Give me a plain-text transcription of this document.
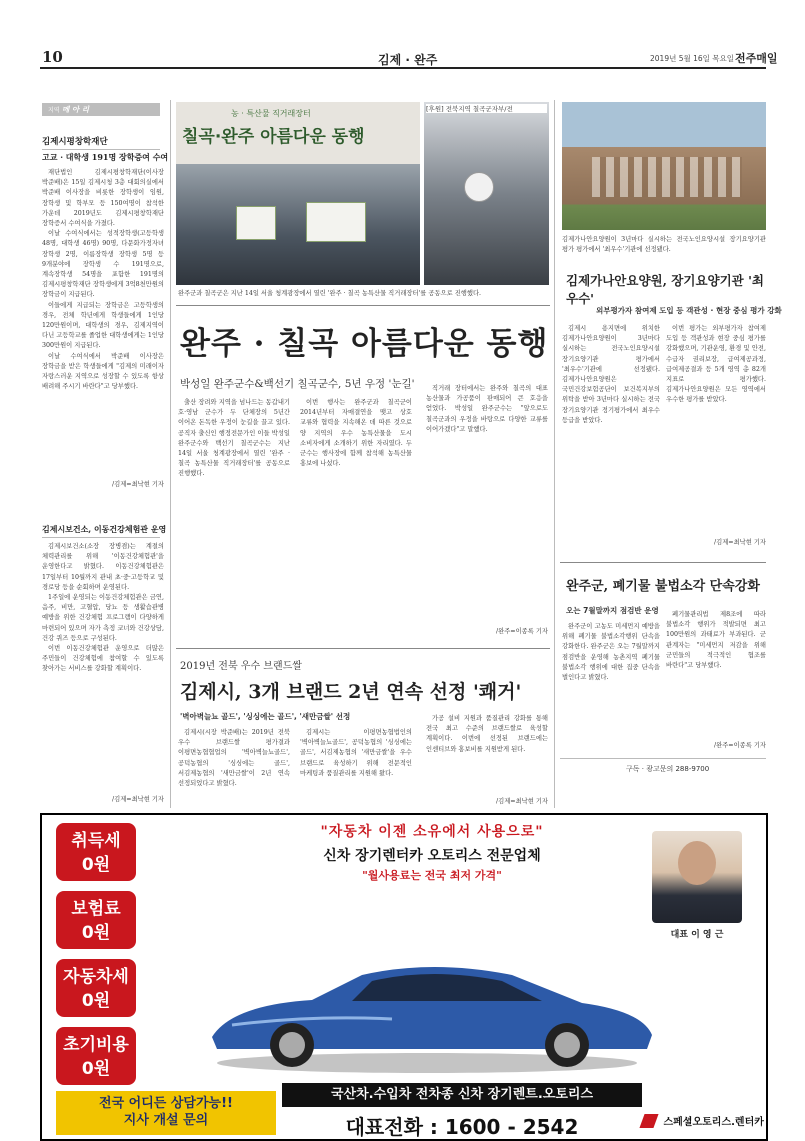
10	김제 · 완주	2019년 5월 16일 목요일 전주매일
지역 메 아 리
김제시평창학재단
고교 · 대학생 191명 장학증여 수여

재단법인 김제시평창학재단(이사장 박준배)은 15일 김제시청 3층 대회의실에서 박준배 이사장을 비롯한 장학생이 임원, 장학생 및 학부모 등 150여명이 참석한 가운데 2019년도 김제시평창학재단 장학증서 수여식을 가졌다.

이날 수여식에서는 성적장학생(고등학생 48명, 대학생 46명) 90명, 다문화가정자녀 장학생 2명, 이름장학생 장학생 5명 등 9개분야에 장학생 수 191명으로, 계속장학생 54명을 포함한 191명의 김제시평창학재단 장학생에게 3억8천만원의 장학금이 지급된다.

이들에게 지급되는 장학금은 고등학생의 경우, 전체 학년에게 학생들에게 1인당 120만원이며, 대학생의 경우, 김제지역이 다닌 고등학교를 졸업한 대학생에게는 1인당 300만원이 지급된다.

이날 수여식에서 박준배 이사장은 장학금을 받은 학생들에게 "김제의 미래이자 자랑스러운 지역으로 성장할 수 있도록 항상 배려해 주시기 바란다"고 당부했다.

/김제=최낙현 기자
김제시보건소, 이동건강체험관 운영

김제시보건소(소장 장병겸)는 계절의 체력관리를 위해 '이동건강체험관'을 운영한다고 밝혔다. 이동건강체험관은 17일부터 10월까지 관내 초·중·고등학교 및 경로당 등을 순회하며 운영된다.

1주일에 운영되는 이동건강체험관은 금연, 음주, 비만, 고혈압, 당뇨 등 생활습관병 예방을 위한 건강체험 프로그램이 다양하게 마련되어 있으며 자가 측정 코너와 건강상담, 건강 퀴즈 등으로 구성된다.

이번 이동건강체험관 운영으로 더많은 주민들이 건강체험에 참여할 수 있도록 찾아가는 서비스를 강화할 계획이다.

/김제=최낙현 기자
농 · 특산물 직거래장터
칠곡·완주 아름다운 동행
[후원] 전북지역 칠곡군자부/전
완주군과 칠곡군은 지난 14일 서울 청계광장에서 열린 '완주 · 칠곡 농특산물 직거래장터'를 공동으로 진행했다.
완주 · 칠곡 아름다운 동행
박성일 완주군수&백선기 칠곡군수, 5년 우정 '눈길'

출산 장려와 지역을 넘나드는 동갑내기 호·영남 군수가 두 단체장의 5년간 이어온 돈독한 우정이 눈길을 끌고 있다. 공직자 출신인 행정전문가인 이들 박성일 완주군수와 백선기 칠곡군수는 지난 14일 서울 청계광장에서 열린 '완주 · 칠곡 농특산물 직거래장터'를 공동으로 진행했다.

이번 행사는 완주군과 칠곡군이 2014년부터 자매결연을 맺고 상호 교류와 협력을 지속해온 데 따른 것으로 양 지역의 우수 농특산물을 도시 소비자에게 소개하기 위한 자리였다. 두 군수는 행사장에 함께 참석해 농특산물 홍보에 나섰다.

직거래 장터에서는 완주와 칠곡의 대표 농산물과 가공품이 판매되어 큰 호응을 얻었다. 박성일 완주군수는 "앞으로도 칠곡군과의 우정을 바탕으로 다양한 교류를 이어가겠다"고 말했다.

/완주=이종록 기자
2019년 전북 우수 브랜드쌀
김제시, 3개 브랜드 2년 연속 선정 '쾌거'
'벽아벽늘뇨 골드', '싱싱에는 골드', '새만금쌀' 선정

김제시(시장 박준배)는 2019년 전북 우수 브랜드쌀 평가결과 이평면농협협업의 '벽아벽늘뇨골드', 공덕농협의 '싱싱에는 골드', 서김제농협의 '새만금쌀'이 2년 연속 선정되었다고 밝혔다.

김제시는 이평면농협법인의 '벽아벽늘뇨골드', 공덕농협의 '싱싱에는 골드', 서김제농협의 '새만금쌀'을 우수 브랜드로 육성하기 위해 전문적인 마케팅과 품질관리를 지원해 왔다.

가공 설비 지원과 품질관리 강화를 통해 전국 최고 수준의 브랜드쌀로 육성할 계획이다. 이번에 선정된 브랜드에는 인센티브와 홍보비를 지원받게 된다.

/김제=최낙현 기자
김제가나안요양원이 3년마다 실시하는 전국노인요양시설 장기요양기관 평가 평가에서 '최우수'기관에 선정됐다.
김제가나안요양원, 장기요양기관 '최우수'
외부평가자 참여제 도입 등 객관성 · 현장 중심 평가 강화

김제시 용지면에 위치한 김제가나안요양원이 3년마다 실시하는 전국노인요양시설 장기요양기관 평가에서 '최우수'기관에 선정됐다. 김제가나안요양원은 국민건강보험공단이 보건복지부의 위탁을 받아 3년마다 실시하는 전국 장기요양기관 정기평가에서 최우수 등급을 받았다.

이번 평가는 외부평가자 참여제 도입 등 객관성과 현장 중심 평가를 강화했으며, 기관운영, 환경 및 안전, 수급자 권리보장, 급여제공과정, 급여제공결과 등 5개 영역 총 82개 지표로 평가했다. 김제가나안요양원은 모든 영역에서 우수한 평가를 받았다.

/김제=최낙현 기자
완주군, 폐기물 불법소각 단속강화
오는 7월말까지 점검반 운영

완주군이 고농도 미세먼지 예방을 위해 폐기물 불법소각행위 단속을 강화한다. 완주군은 오는 7월말까지 점검반을 운영해 농촌지역 폐기물 불법소각 행위에 대한 집중 단속을 벌인다고 밝혔다.

폐기물관리법 제8조에 따라 불법소각 행위가 적발되면 최고 100만원의 과태료가 부과된다. 군 관계자는 "미세먼지 저감을 위해 군민들의 적극적인 협조를 바란다"고 당부했다.

/완주=이종록 기자
구독 · 광고문의 288-9700
"자동차 이젠 소유에서 사용으로"
신차 장기렌터카 오토리스 전문업체
"월사용료는 전국 최저 가격"
취득세
0원
보험료
0원
자동차세
0원
초기비용
0원
대표 이 영 근
국산차.수입차 전차종 신차 장기렌트.오토리스
전국 어디든 상담가능!!
지사 개설 문의	대표전화 : 1600 - 2542	스페셜오토리스.렌터카
